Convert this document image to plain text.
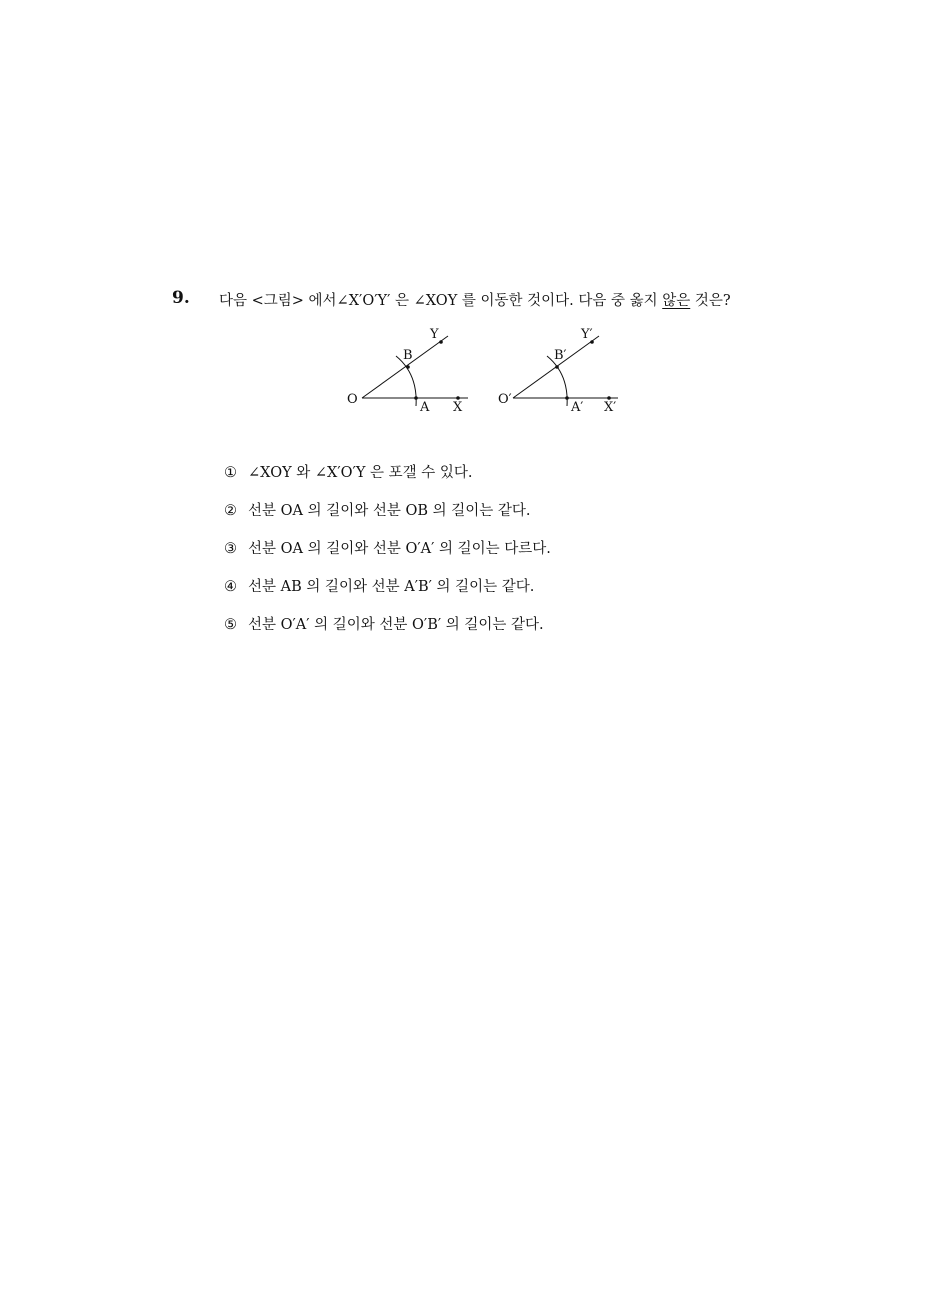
9. 다음 <그림> 에서∠X′O′Y′ 은 ∠XOY 를 이동한 것이다. 다음 중 옳지 않은 것은?
O
A
B
X
Y
O′
A′
B′
X′
Y′
① ∠XOY 와 ∠X′O′Y 은 포갤 수 있다.
② 선분 OA 의 길이와 선분 OB 의 길이는 같다.
③ 선분 OA 의 길이와 선분 O′A′ 의 길이는 다르다.
④ 선분 AB 의 길이와 선분 A′B′ 의 길이는 같다.
⑤ 선분 O′A′ 의 길이와 선분 O′B′ 의 길이는 같다.
